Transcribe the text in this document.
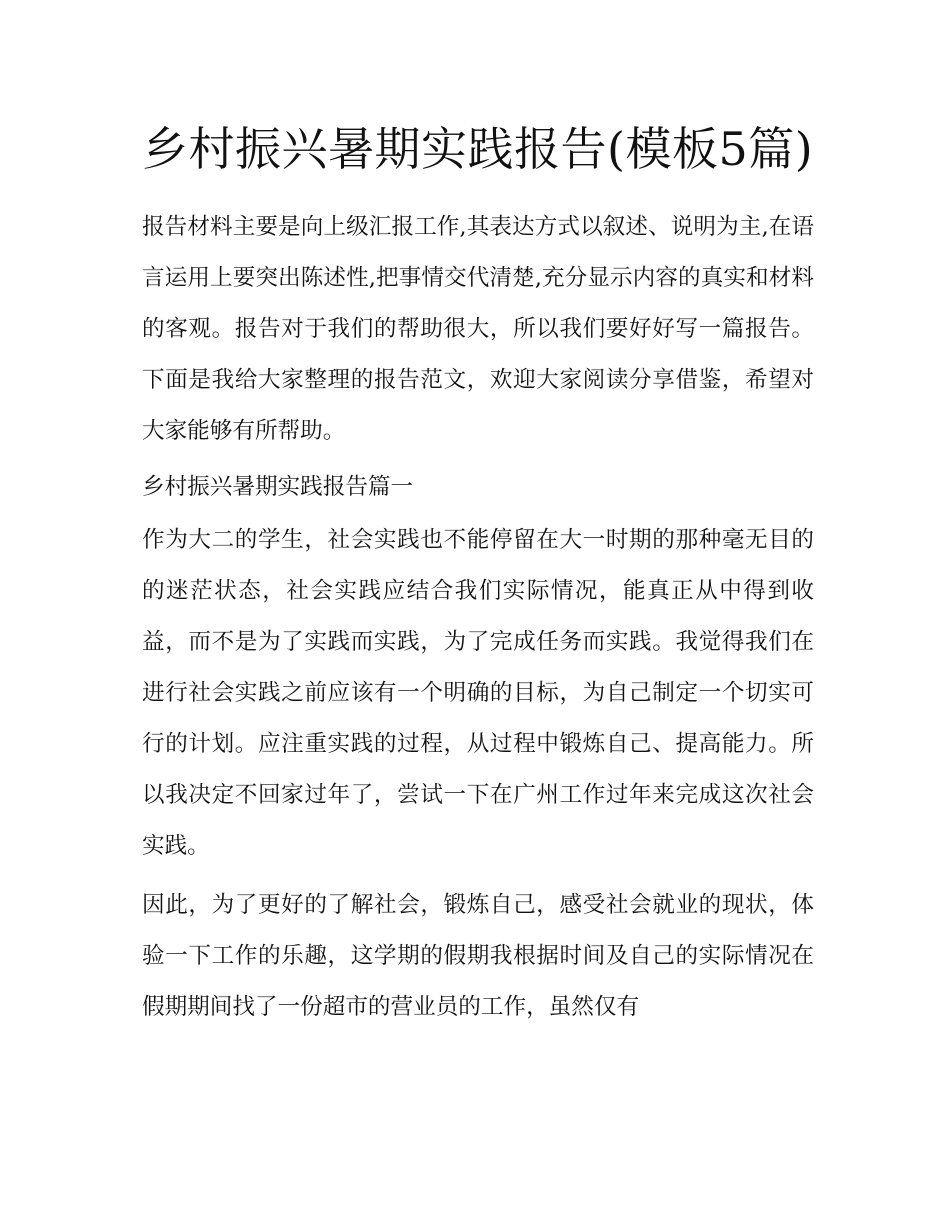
乡村振兴暑期实践报告(模板5篇)

报告材料主要是向上级汇报工作,其表达方式以叙述、说明为主,在语言运用上要突出陈述性,把事情交代清楚,充分显示内容的真实和材料的客观。报告对于我们的帮助很大，所以我们要好好写一篇报告。下面是我给大家整理的报告范文，欢迎大家阅读分享借鉴，希望对大家能够有所帮助。

乡村振兴暑期实践报告篇一

作为大二的学生，社会实践也不能停留在大一时期的那种毫无目的的迷茫状态，社会实践应结合我们实际情况，能真正从中得到收益，而不是为了实践而实践，为了完成任务而实践。我觉得我们在进行社会实践之前应该有一个明确的目标，为自己制定一个切实可行的计划。应注重实践的过程，从过程中锻炼自己、提高能力。所以我决定不回家过年了，尝试一下在广州工作过年来完成这次社会实践。

因此，为了更好的了解社会，锻炼自己，感受社会就业的现状，体验一下工作的乐趣，这学期的假期我根据时间及自己的实际情况在假期期间找了一份超市的营业员的工作，虽然仅有
